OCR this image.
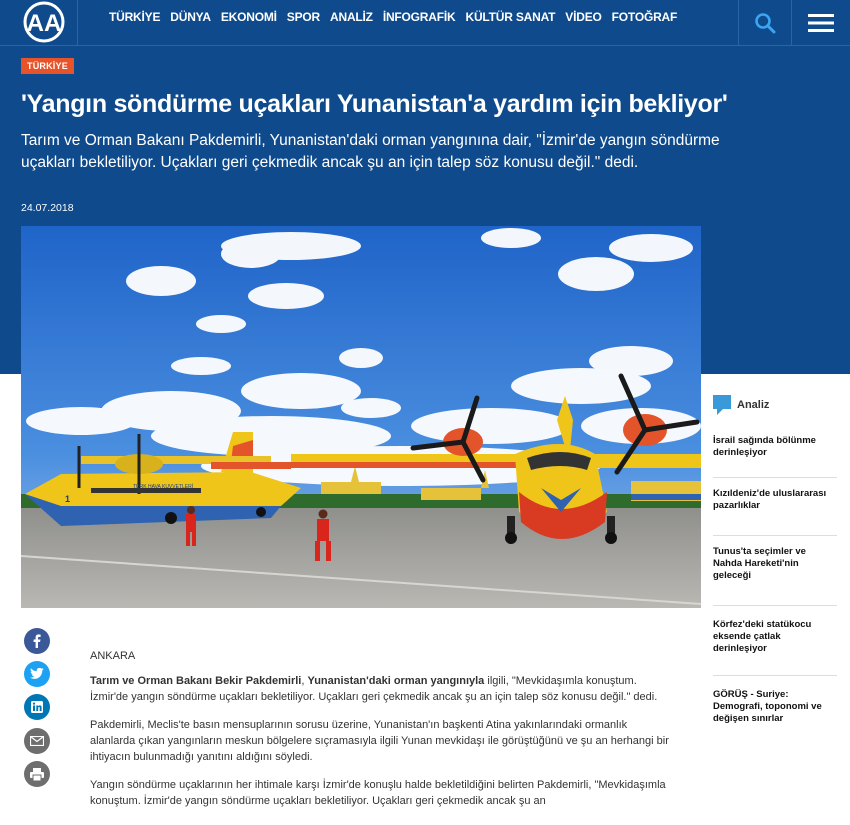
AA	TÜRKİYE DÜNYA EKONOMİ SPOR ANALİZ İNFOGRAFİK KÜLTÜR SANAT VİDEO FOTOĞRAF
TÜRKİYE
'Yangın söndürme uçakları Yunanistan'a yardım için bekliyor'
Tarım ve Orman Bakanı Pakdemirli, Yunanistan'daki orman yangınına dair, "İzmir'de yangın söndürme uçakları bekletiliyor. Uçakları geri çekmedik ancak şu an için talep söz konusu değil." dedi.
24.07.2018
TÜRK HAVA KUVVETLERİ
1
ANKARA

Tarım ve Orman Bakanı Bekir Pakdemirli, Yunanistan'daki orman yangınıyla ilgili, "Mevkidaşımla konuştum. İzmir'de yangın söndürme uçakları bekletiliyor. Uçakları geri çekmedik ancak şu an için talep söz konusu değil." dedi.

Pakdemirli, Meclis'te basın mensuplarının sorusu üzerine, Yunanistan'ın başkenti Atina yakınlarındaki ormanlık alanlarda çıkan yangınların meskun bölgelere sıçramasıyla ilgili Yunan mevkidaşı ile görüştüğünü ve şu an herhangi bir ihtiyacın bulunmadığı yanıtını aldığını söyledi.

Yangın söndürme uçaklarının her ihtimale karşı İzmir'de konuşlu halde bekletildiğini belirten Pakdemirli, "Mevkidaşımla konuştum. İzmir'de yangın söndürme uçakları bekletiliyor. Uçakları geri çekmedik ancak şu an

Analiz
İsrail sağında bölünme derinleşiyor
Kızıldeniz'de uluslararası pazarlıklar
Tunus'ta seçimler ve Nahda Hareketi'nin geleceği
Körfez'deki statükocu eksende çatlak derinleşiyor
GÖRÜŞ - Suriye: Demografi, toponomi ve değişen sınırlar
